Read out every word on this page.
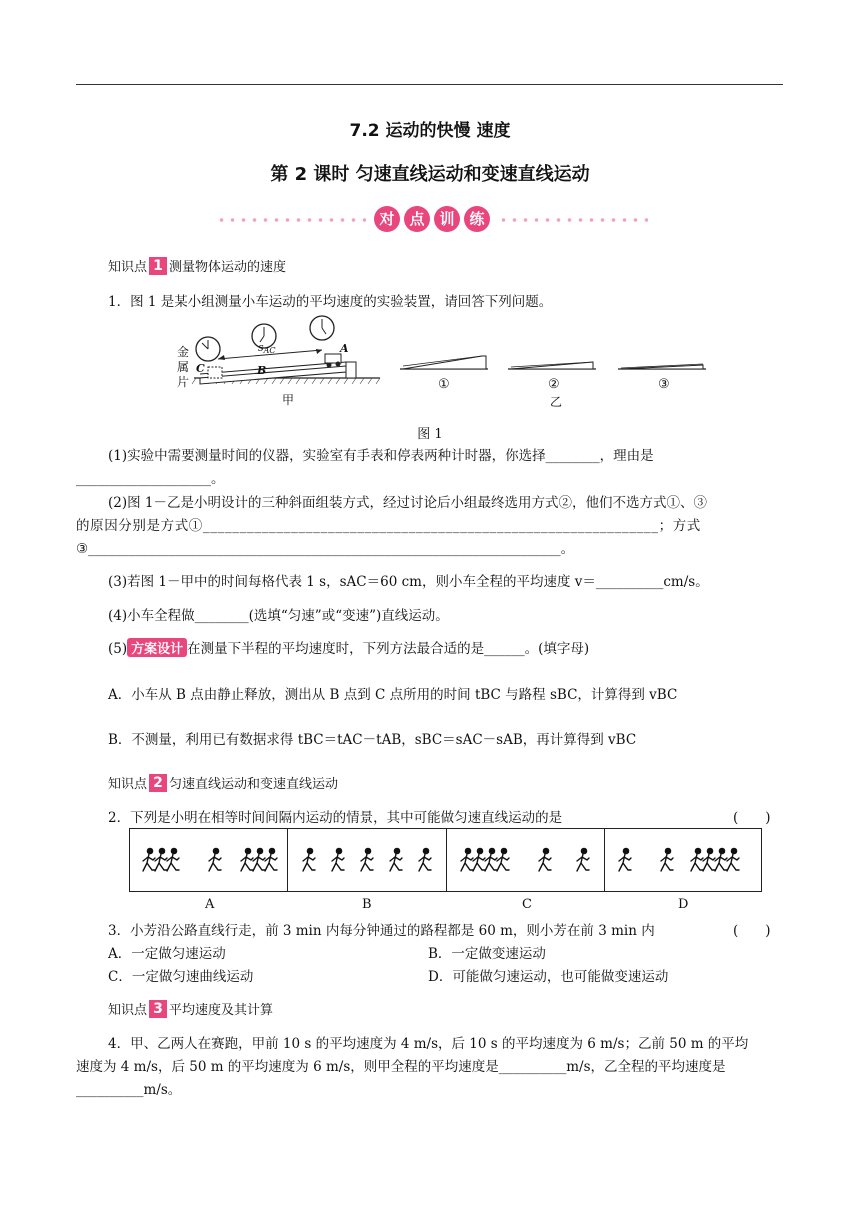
7.2 运动的快慢 速度
第 2 课时 匀速直线运动和变速直线运动
对 点 训 练
知识点 1 测量物体运动的速度
1．图 1 是某小组测量小车运动的平均速度的实验装置，请回答下列问题。
sAC
金
属
片
C	B
A
甲
①	②	③
乙
图 1
(1)实验中需要测量时间的仪器，实验室有手表和停表两种计时器，你选择________，理由是
____________________。
(2)图 1－乙是小明设计的三种斜面组装方式，经过讨论后小组最终选用方式②，他们不选方式①、③
的原因分别是方式①______________________________________________________________；方式
③______________________________________________________________________。
(3)若图 1－甲中的时间每格代表 1 s，sAC＝60 cm，则小车全程的平均速度 v＝__________cm/s。
(4)小车全程做________(选填“匀速”或“变速”)直线运动。
(5) 方案设计 在测量下半程的平均速度时，下列方法最合适的是______。(填字母)
A．小车从 B 点由静止释放，测出从 B 点到 C 点所用的时间 tBC 与路程 sBC，计算得到 vBC
B．不测量，利用已有数据求得 tBC＝tAC－tAB，sBC＝sAC－sAB，再计算得到 vBC
知识点 2 匀速直线运动和变速直线运动
2．下列是小明在相等时间间隔内运动的情景，其中可能做匀速直线运动的是	(　　)
A	B	C	D
3．小芳沿公路直线行走，前 3 min 内每分钟通过的路程都是 60 m，则小芳在前 3 min 内	(　　)
A．一定做匀速运动	B．一定做变速运动
C．一定做匀速曲线运动	D．可能做匀速运动，也可能做变速运动
知识点 3 平均速度及其计算
4．甲、乙两人在赛跑，甲前 10 s 的平均速度为 4 m/s，后 10 s 的平均速度为 6 m/s；乙前 50 m 的平均
速度为 4 m/s，后 50 m 的平均速度为 6 m/s，则甲全程的平均速度是__________m/s，乙全程的平均速度是
__________m/s。
